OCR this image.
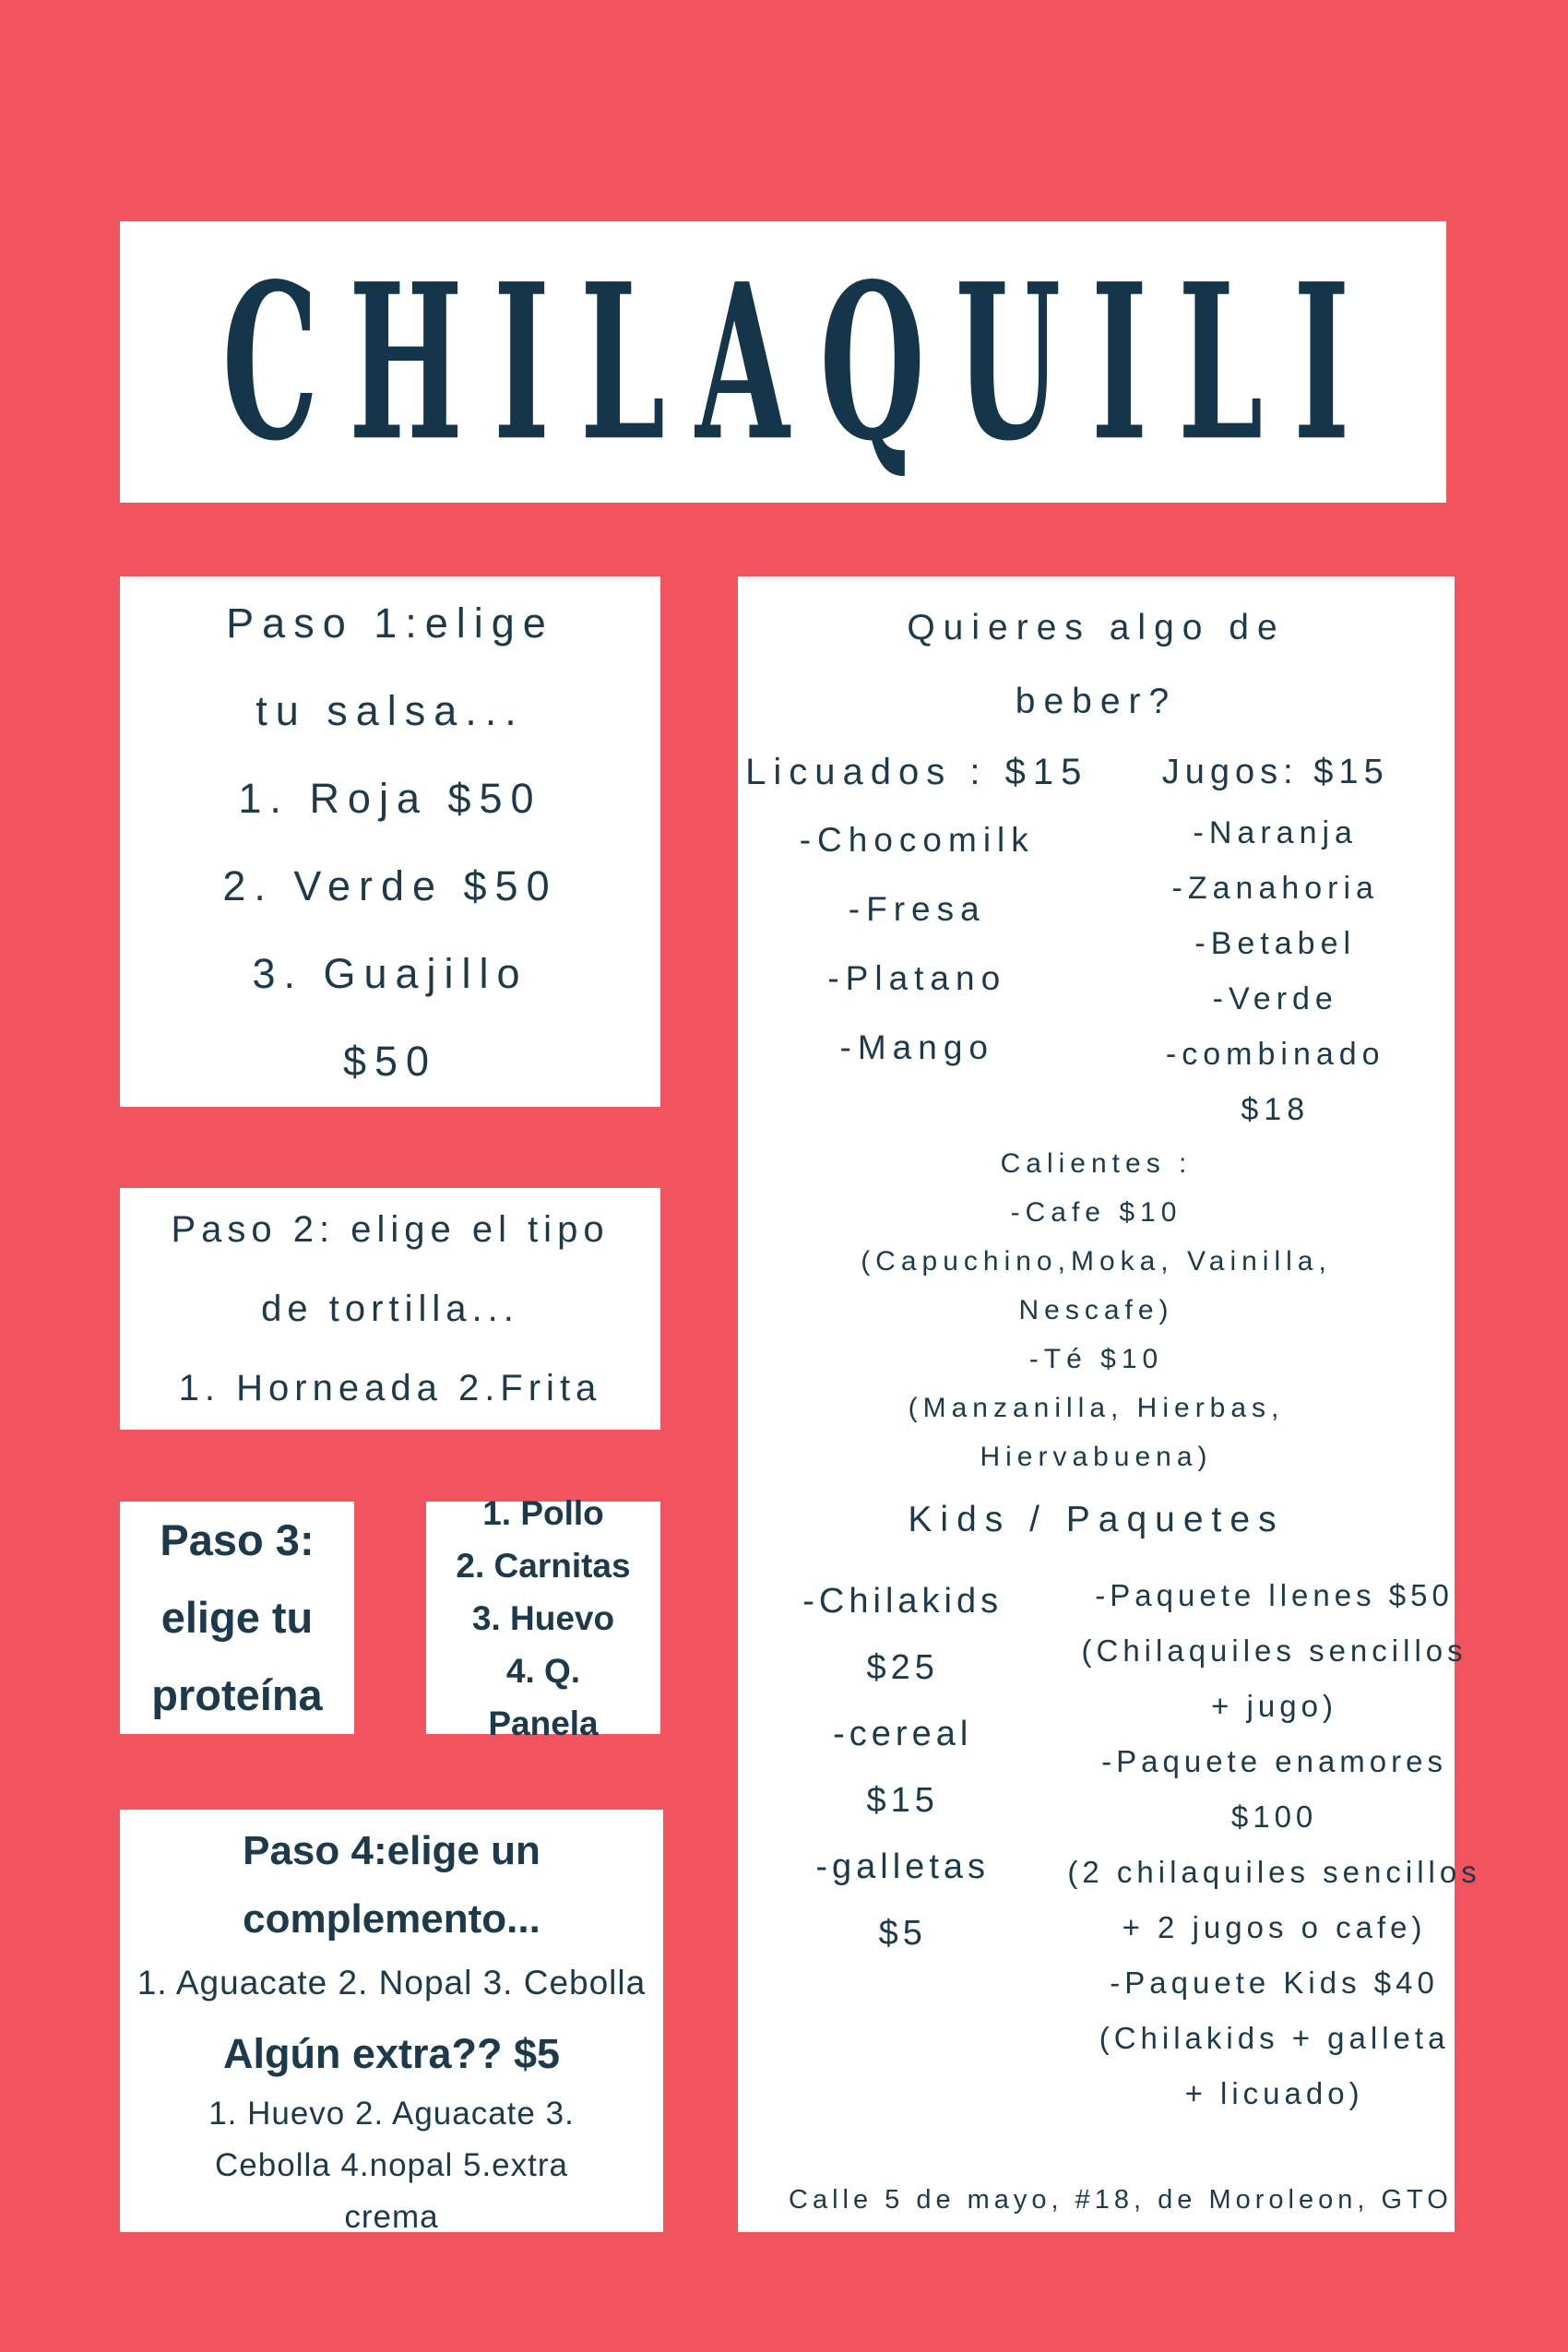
CHILAQUILI
Paso 1:elige
tu salsa...
1. Roja $50
2. Verde $50
3. Guajillo
$50
Paso 2: elige el tipo
de tortilla...
1. Horneada 2.Frita
Paso 3:
elige tu
proteína
1. Pollo
2. Carnitas
3. Huevo
4. Q.
Panela
Paso 4:elige un
complemento...
1. Aguacate 2. Nopal 3. Cebolla
Algún extra?? $5
1. Huevo 2. Aguacate 3.
Cebolla 4.nopal 5.extra
crema
Quieres algo de
beber?
Licuados : $15
-Chocomilk
-Fresa
-Platano
-Mango
Jugos: $15
-Naranja
-Zanahoria
-Betabel
-Verde
-combinado
$18
Calientes :
-Cafe $10
(Capuchino,Moka, Vainilla,
Nescafe)
-Té $10
(Manzanilla, Hierbas,
Hiervabuena)
Kids / Paquetes
-Chilakids
$25
-cereal
$15
-galletas
$5
-Paquete llenes $50
(Chilaquiles sencillos
+ jugo)
-Paquete enamores
$100
(2 chilaquiles sencillos
+ 2 jugos o cafe)
-Paquete Kids $40
(Chilakids + galleta
+ licuado)
Calle 5 de mayo, #18, de Moroleon, GTO
